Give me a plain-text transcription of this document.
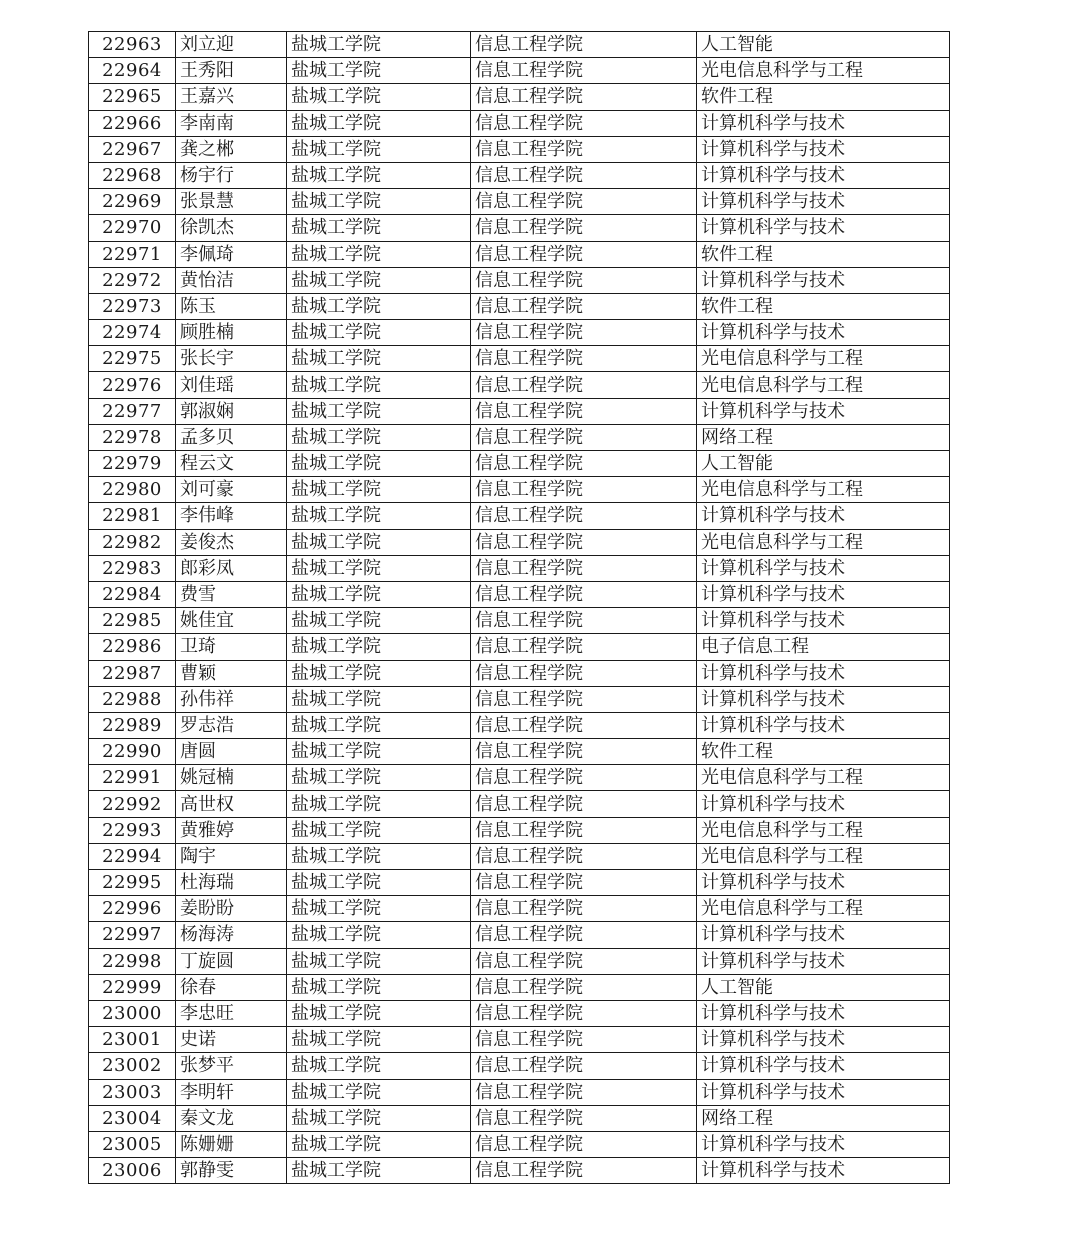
22963	刘立迎	盐城工学院	信息工程学院	人工智能
22964	王秀阳	盐城工学院	信息工程学院	光电信息科学与工程
22965	王嘉兴	盐城工学院	信息工程学院	软件工程
22966	李南南	盐城工学院	信息工程学院	计算机科学与技术
22967	龚之郴	盐城工学院	信息工程学院	计算机科学与技术
22968	杨宇行	盐城工学院	信息工程学院	计算机科学与技术
22969	张景慧	盐城工学院	信息工程学院	计算机科学与技术
22970	徐凯杰	盐城工学院	信息工程学院	计算机科学与技术
22971	李佩琦	盐城工学院	信息工程学院	软件工程
22972	黄怡洁	盐城工学院	信息工程学院	计算机科学与技术
22973	陈玉	盐城工学院	信息工程学院	软件工程
22974	顾胜楠	盐城工学院	信息工程学院	计算机科学与技术
22975	张长宇	盐城工学院	信息工程学院	光电信息科学与工程
22976	刘佳瑶	盐城工学院	信息工程学院	光电信息科学与工程
22977	郭淑娴	盐城工学院	信息工程学院	计算机科学与技术
22978	孟多贝	盐城工学院	信息工程学院	网络工程
22979	程云文	盐城工学院	信息工程学院	人工智能
22980	刘可豪	盐城工学院	信息工程学院	光电信息科学与工程
22981	李伟峰	盐城工学院	信息工程学院	计算机科学与技术
22982	姜俊杰	盐城工学院	信息工程学院	光电信息科学与工程
22983	郎彩凤	盐城工学院	信息工程学院	计算机科学与技术
22984	费雪	盐城工学院	信息工程学院	计算机科学与技术
22985	姚佳宜	盐城工学院	信息工程学院	计算机科学与技术
22986	卫琦	盐城工学院	信息工程学院	电子信息工程
22987	曹颖	盐城工学院	信息工程学院	计算机科学与技术
22988	孙伟祥	盐城工学院	信息工程学院	计算机科学与技术
22989	罗志浩	盐城工学院	信息工程学院	计算机科学与技术
22990	唐圆	盐城工学院	信息工程学院	软件工程
22991	姚冠楠	盐城工学院	信息工程学院	光电信息科学与工程
22992	高世权	盐城工学院	信息工程学院	计算机科学与技术
22993	黄雅婷	盐城工学院	信息工程学院	光电信息科学与工程
22994	陶宇	盐城工学院	信息工程学院	光电信息科学与工程
22995	杜海瑞	盐城工学院	信息工程学院	计算机科学与技术
22996	姜盼盼	盐城工学院	信息工程学院	光电信息科学与工程
22997	杨海涛	盐城工学院	信息工程学院	计算机科学与技术
22998	丁旋圆	盐城工学院	信息工程学院	计算机科学与技术
22999	徐春	盐城工学院	信息工程学院	人工智能
23000	李忠旺	盐城工学院	信息工程学院	计算机科学与技术
23001	史诺	盐城工学院	信息工程学院	计算机科学与技术
23002	张梦平	盐城工学院	信息工程学院	计算机科学与技术
23003	李明轩	盐城工学院	信息工程学院	计算机科学与技术
23004	秦文龙	盐城工学院	信息工程学院	网络工程
23005	陈姗姗	盐城工学院	信息工程学院	计算机科学与技术
23006	郭静雯	盐城工学院	信息工程学院	计算机科学与技术
